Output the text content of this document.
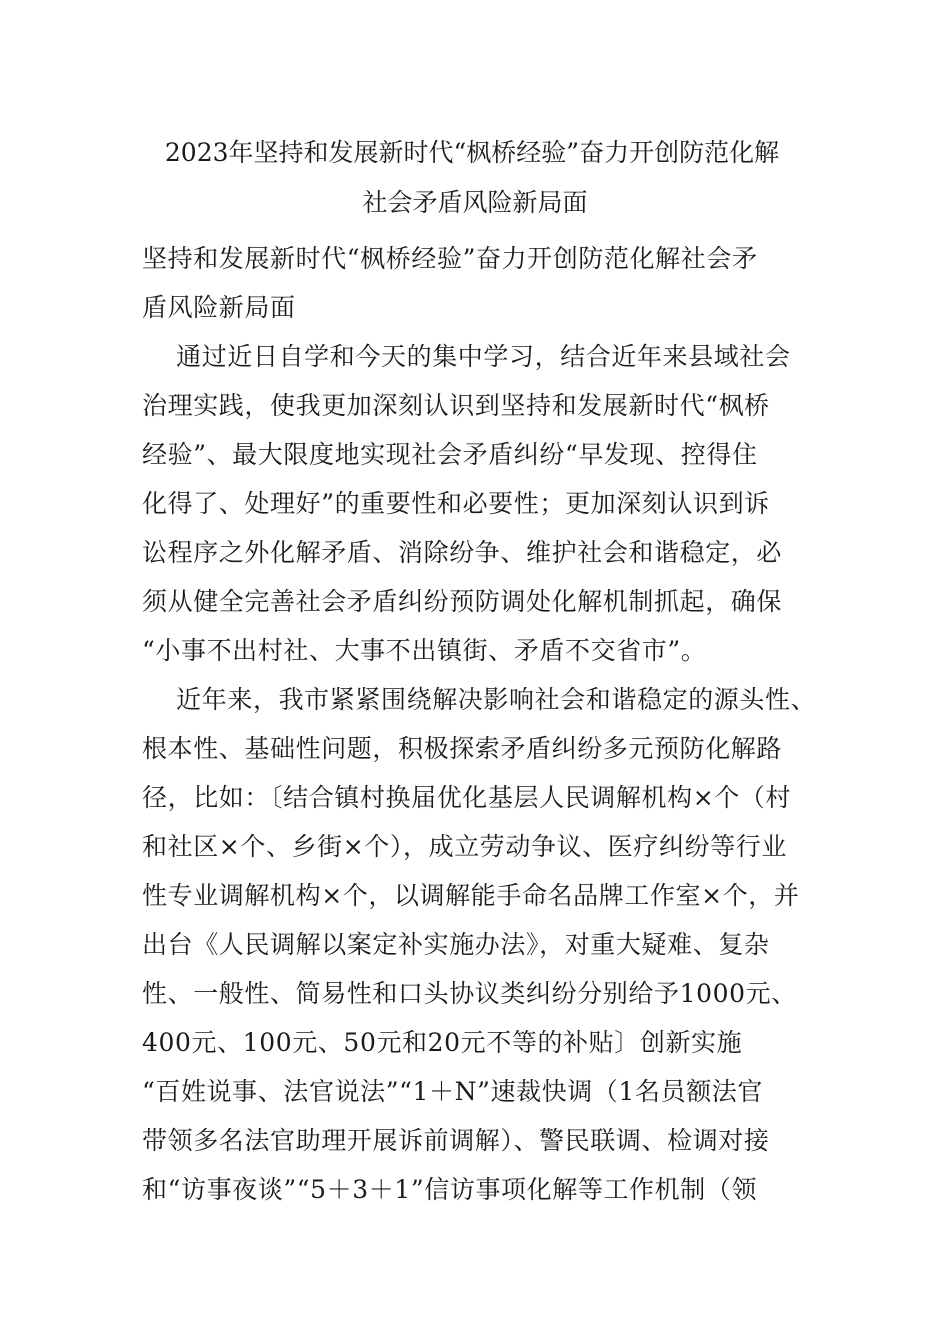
2023年坚持和发展新时代“枫桥经验”奋力开创防范化解
社会矛盾风险新局面
坚持和发展新时代“枫桥经验”奋力开创防范化解社会矛
盾风险新局面
通过近日自学和今天的集中学习，结合近年来县域社会
治理实践，使我更加深刻认识到坚持和发展新时代“枫桥
经验”、最大限度地实现社会矛盾纠纷“早发现、控得住
化得了、处理好”的重要性和必要性；更加深刻认识到诉
讼程序之外化解矛盾、消除纷争、维护社会和谐稳定，必
须从健全完善社会矛盾纠纷预防调处化解机制抓起，确保
“小事不出村社、大事不出镇街、矛盾不交省市”。
近年来，我市紧紧围绕解决影响社会和谐稳定的源头性、
根本性、基础性问题，积极探索矛盾纠纷多元预防化解路
径，比如：〔结合镇村换届优化基层人民调解机构×个（村
和社区×个、乡街×个），成立劳动争议、医疗纠纷等行业
性专业调解机构×个，以调解能手命名品牌工作室×个，并
出台《人民调解以案定补实施办法》，对重大疑难、复杂
性、一般性、简易性和口头协议类纠纷分别给予1000元、
400元、100元、50元和20元不等的补贴〕创新实施
“百姓说事、法官说法”“1＋N”速裁快调（1名员额法官
带领多名法官助理开展诉前调解）、警民联调、检调对接
和“访事夜谈”“5＋3＋1”信访事项化解等工作机制（领
